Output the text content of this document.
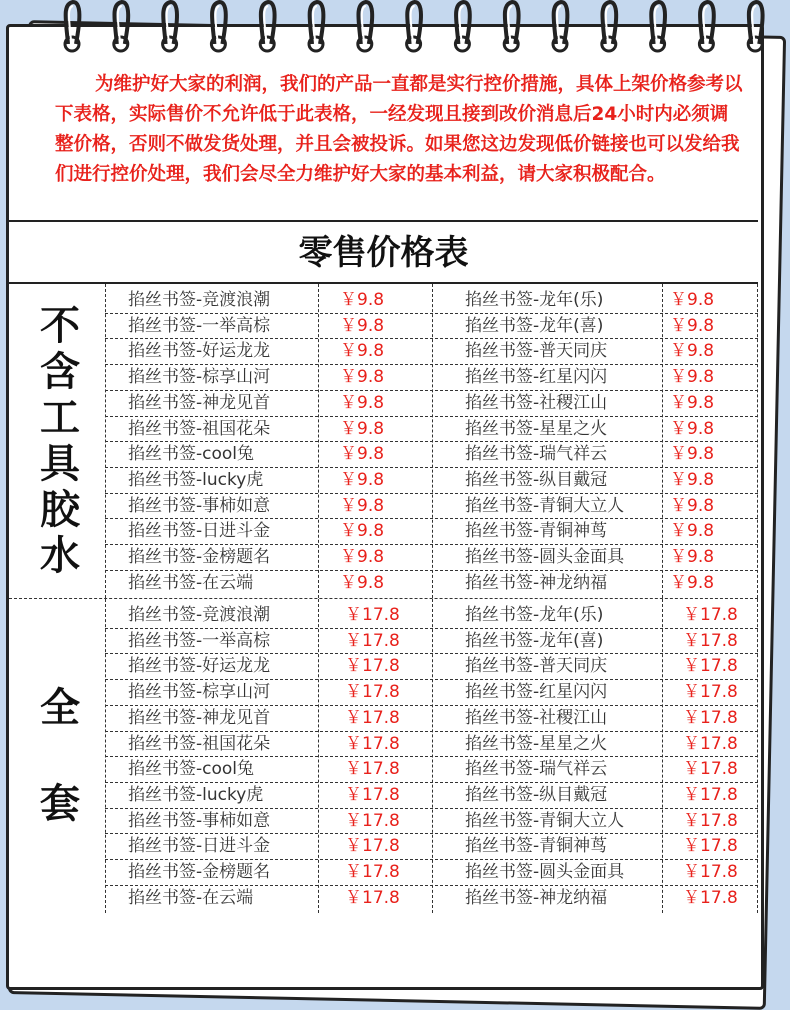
为维护好大家的利润，我们的产品一直都是实行控价措施，具体上架价格参考以下表格，实际售价不允许低于此表格，一经发现且接到改价消息后24小时内必须调整价格，否则不做发货处理，并且会被投诉。如果您这边发现低价链接也可以发给我们进行控价处理，我们会尽全力维护好大家的基本利益，请大家积极配合。

零售价格表
不
含
工
具
胶
水
掐丝书签-竞渡浪潮	￥9.8	掐丝书签-龙年(乐)	￥9.8
掐丝书签-一举高棕	￥9.8	掐丝书签-龙年(喜)	￥9.8
掐丝书签-好运龙龙	￥9.8	掐丝书签-普天同庆	￥9.8
掐丝书签-棕享山河	￥9.8	掐丝书签-红星闪闪	￥9.8
掐丝书签-神龙见首	￥9.8	掐丝书签-社稷江山	￥9.8
掐丝书签-祖国花朵	￥9.8	掐丝书签-星星之火	￥9.8
掐丝书签-cool兔	￥9.8	掐丝书签-瑞气祥云	￥9.8
掐丝书签-lucky虎	￥9.8	掐丝书签-纵目戴冠	￥9.8
掐丝书签-事柿如意	￥9.8	掐丝书签-青铜大立人	￥9.8
掐丝书签-日进斗金	￥9.8	掐丝书签-青铜神茑	￥9.8
掐丝书签-金榜题名	￥9.8	掐丝书签-圆头金面具	￥9.8
掐丝书签-在云端	￥9.8	掐丝书签-神龙纳福	￥9.8
全
套
掐丝书签-竞渡浪潮	￥17.8	掐丝书签-龙年(乐)	￥17.8
掐丝书签-一举高棕	￥17.8	掐丝书签-龙年(喜)	￥17.8
掐丝书签-好运龙龙	￥17.8	掐丝书签-普天同庆	￥17.8
掐丝书签-棕享山河	￥17.8	掐丝书签-红星闪闪	￥17.8
掐丝书签-神龙见首	￥17.8	掐丝书签-社稷江山	￥17.8
掐丝书签-祖国花朵	￥17.8	掐丝书签-星星之火	￥17.8
掐丝书签-cool兔	￥17.8	掐丝书签-瑞气祥云	￥17.8
掐丝书签-lucky虎	￥17.8	掐丝书签-纵目戴冠	￥17.8
掐丝书签-事柿如意	￥17.8	掐丝书签-青铜大立人	￥17.8
掐丝书签-日进斗金	￥17.8	掐丝书签-青铜神茑	￥17.8
掐丝书签-金榜题名	￥17.8	掐丝书签-圆头金面具	￥17.8
掐丝书签-在云端	￥17.8	掐丝书签-神龙纳福	￥17.8
